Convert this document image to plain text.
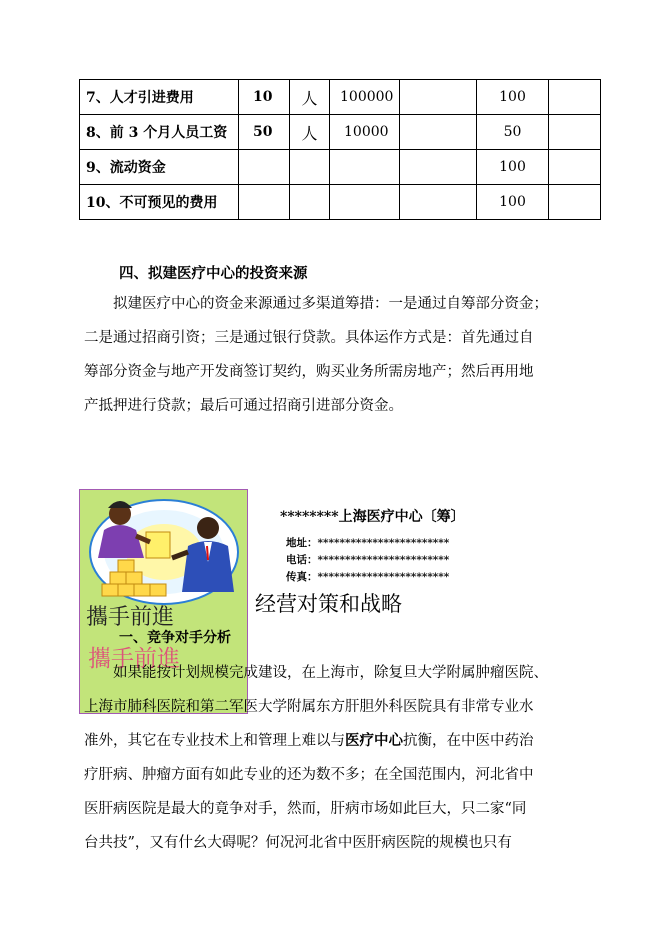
7、人才引进费用	10	人	100000		100	
8、前 3 个月人员工资	50	人	10000		50	
9、流动资金					100	
10、不可预见的费用					100	
四、拟建医疗中心的投资来源
拟建医疗中心的资金来源通过多渠道筹措：一是通过自筹部分资金；
二是通过招商引资；三是通过银行贷款。具体运作方式是：首先通过自
筹部分资金与地产开发商签订契约，购买业务所需房地产；然后再用地
产抵押进行贷款；最后可通过招商引进部分资金。
攜手前進
攜手前進
********上海医疗中心〔筹〕
地址：************************
电话：************************
传真：************************
经营对策和战略
一、竞争对手分析
如果能按计划规模完成建设，在上海市，除复旦大学附属肿瘤医院、
上海市肺科医院和第二军医大学附属东方肝胆外科医院具有非常专业水
准外，其它在专业技术上和管理上难以与医疗中心抗衡，在中医中药治
疗肝病、肿瘤方面有如此专业的还为数不多；在全国范围内，河北省中
医肝病医院是最大的竟争对手，然而，肝病市场如此巨大，只二家“同
台共技”，又有什幺大碍呢？何况河北省中医肝病医院的规模也只有
